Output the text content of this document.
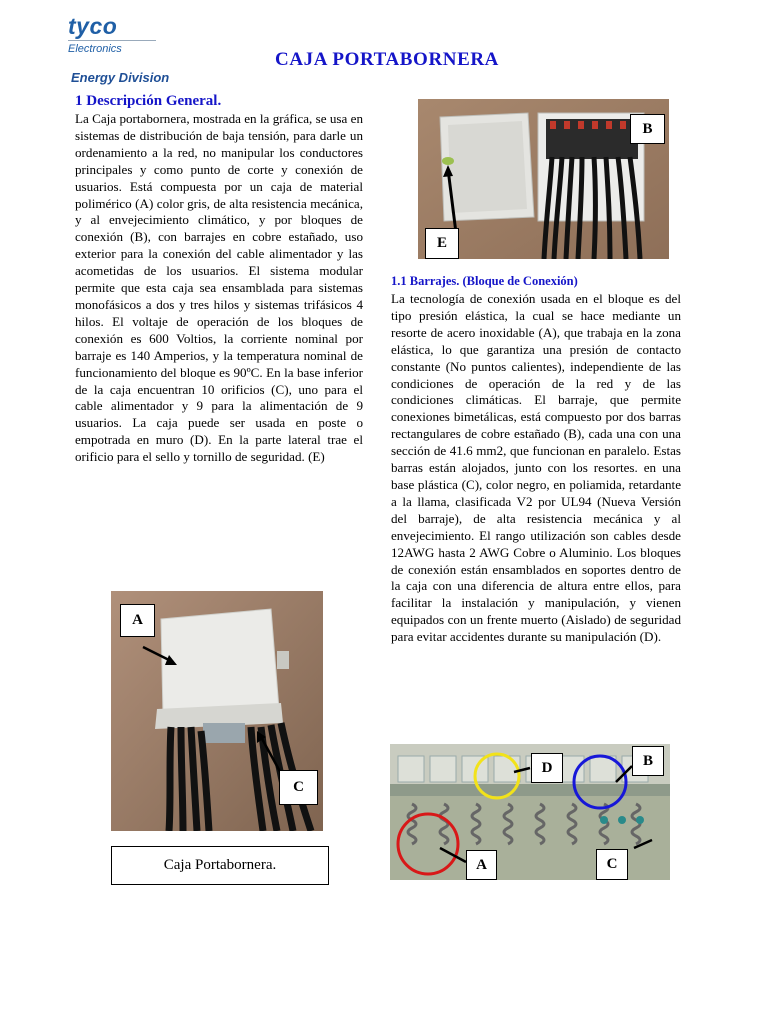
tyco
Electronics
Energy Division
CAJA PORTABORNERA
1 Descripción General.

La Caja portabornera, mostrada en la gráfica, se usa en sistemas de distribución de baja tensión, para darle un ordenamiento a la red, no manipular los conductores principales y como punto de corte y conexión de usuarios. Está compuesta por un caja de material polimérico (A) color gris, de alta resistencia mecánica, y al envejecimiento climático, y por bloques de conexión (B), con barrajes en cobre estañado, uso exterior para la conexión del cable alimentador y las acometidas de los usuarios. El sistema modular permite que esta caja sea ensamblada para sistemas monofásicos a dos y tres hilos y sistemas trifásicos 4 hilos. El voltaje de operación de los bloques de conexión es 600 Voltios, la corriente nominal por barraje es 140 Amperios, y la temperatura nominal de funcionamiento del bloque es 90ºC. En la base inferior de la caja encuentran 10 orificios (C), uno para el cable alimentador y 9 para la alimentación de 9 usuarios. La caja puede ser usada en poste o empotrada en muro (D). En la parte lateral trae el orificio para el sello y tornillo de seguridad. (E)

B
E
1.1 Barrajes. (Bloque de Conexión)

La tecnología de conexión usada en el bloque es del tipo presión elástica, la cual se hace mediante un resorte de acero inoxidable (A), que trabaja en la zona elástica, lo que garantiza una presión de contacto constante (No puntos calientes), independiente de las condiciones de operación de la red y de las condiciones climáticas. El barraje, que permite conexiones bimetálicas, está compuesto por dos barras rectangulares de cobre estañado (B), cada una con una sección de 41.6 mm2, que funcionan en paralelo. Estas barras están alojados, junto con los resortes. en una base plástica (C), color negro, en poliamida, retardante a la llama, clasificada V2 por UL94 (Nueva Versión del barraje), de alta resistencia mecánica y al envejecimiento. El rango utilización son cables desde 12AWG hasta 2 AWG Cobre o Aluminio. Los bloques de conexión están ensamblados en soportes dentro de la caja con una diferencia de altura entre ellos, para facilitar la instalación y manipulación, y vienen equipados con un frente muerto (Aislado) de seguridad para evitar accidentes durante su manipulación (D).

A
C
Caja Portabornera.
D	B
A	C
